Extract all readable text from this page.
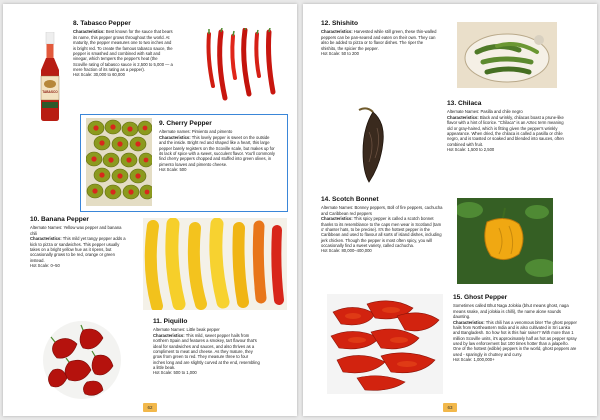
TABASCO
8. Tabasco Pepper

Characteristics: Best known for the sauce that bears its name, this pepper grows throughout the world. At maturity, the pepper measures one to two inches and is bright red. To create the famous tabasco sauce, the pepper is smashed and combined with salt and vinegar, which tempers the pepper's heat (the Scoville rating of tabasco sauce is 2,500 to 5,000 — a mere fraction of its rating as a pepper).

Hot Scale: 30,000 to 60,000

9. Cherry Pepper

Alternate names: Pimiento and pimento

Characteristics: This lovely pepper is sweet on the outside and the inside. Bright red and shaped like a heart, this large pepper barely registers on the Scoville scale, but makes up for its lack of spice with a sweet, succulent flavor. You'll commonly find cherry peppers chopped and stuffed into green olives, in pimento loaves and pimento cheese.

Hot Scale: 500

10. Banana Pepper

Alternate Names: Yellow wax pepper and banana chili

Characteristics: This mild yet tangy pepper adds a kick to pizza or sandwiches. This pepper usually takes on a bright yellow hue as it ripens, but occasionally grows to be red, orange or green instead.

Hot Scale: 0–50

11. Piquillo

Alternate Names: Little beak pepper

Characteristics: This mild, sweet pepper hails from northern Spain and features a smokey, tart flavour that's ideal for sandwiches and sauces, and also thrives as a compliment to meat and cheese. As they mature, they grow from green to red. They measure three to four inches long and are slightly curved at the end, resembling a little beak.

Hot Scale: 500 to 1,000

62
12. Shishito

Characteristics: Harvested while still green, these thin-walled peppers can be pan-seared and eaten on their own. They can also be added to pizza or to flavor dishes. The riper the shishito, the spicier the pepper.

Hot Scale: 50 to 200

13. Chilaca

Alternate Names: Pasilla and chile negro

Characteristics: Black and wrinkly, chilacas boast a prune-like flavor with a hint of licorice. "Chilaca" is an Aztec term meaning old or gray-haired, which is fitting given the pepper's wrinkly appearance. When dried, the chilaca is called a pasilla or chile negro, and is toasted or soaked and blended into sauces, often combined with fruit.

Hot Scale: 1,500 to 2,500

14. Scotch Bonnet

Alternate Names: Bonney peppers, Boll of fire peppers, cachucha and Caribbean red peppers

Characteristics: This spicy pepper is called a scotch bonnet thanks to its resemblance to the caps men wear in Scotland (tam o' shanter hats, to be precise). It's the hottest pepper in the Caribbean and used to flavour all sorts of island dishes, including jerk chicken. Though the pepper is most often spicy, you will occasionally find a sweet variety, called cachucha.

Hot Scale: 80,000–400,000

15. Ghost Pepper

Sometimes called Bhut Naga Jolokia (bhut means ghost, naga means snake, and jolokia is chilli), the name alone sounds daunting.

Characteristics: This chili has a venomous bite! The ghost pepper hails from Northeastern India and is also cultivated in Sri Lanka and Bangladesh. So how hot is this hair raiser? With more than 1 million Scoville units, it's approximately half as hot as pepper spray used by law enforcement but 100 times hotter than a jalapeño. One of the hottest (edible) peppers in the world, ghost peppers are used - sparingly in chutney and curry.

Hot Scale: 1,000,000+

63
